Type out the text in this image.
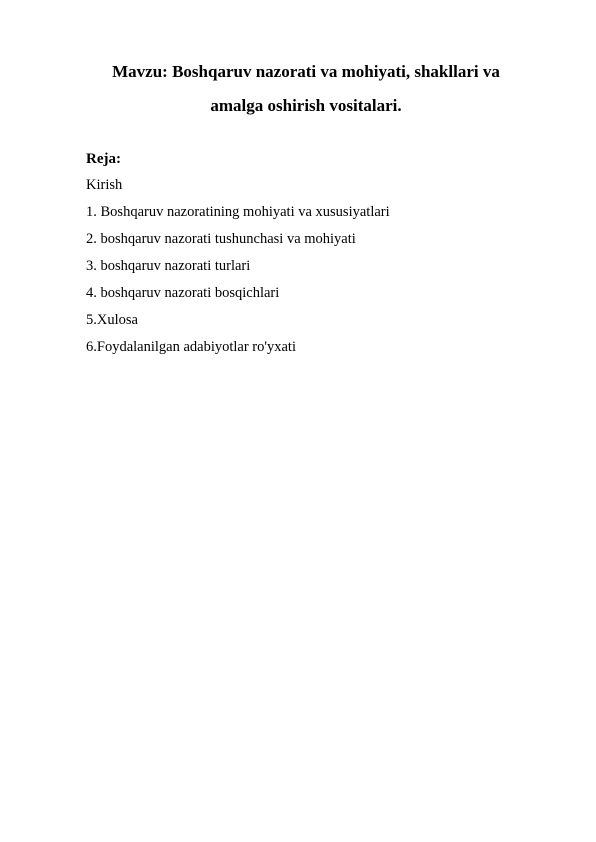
Mavzu: Boshqaruv nazorati va mohiyati, shakllari va

amalga oshirish vositalari.

Reja:

Kirish
1. Boshqaruv nazoratining mohiyati va xususiyatlari
2. boshqaruv nazorati tushunchasi va mohiyati
3. boshqaruv nazorati turlari
4. boshqaruv nazorati bosqichlari
5.Xulosa
6.Foydalanilgan adabiyotlar ro'yxati
